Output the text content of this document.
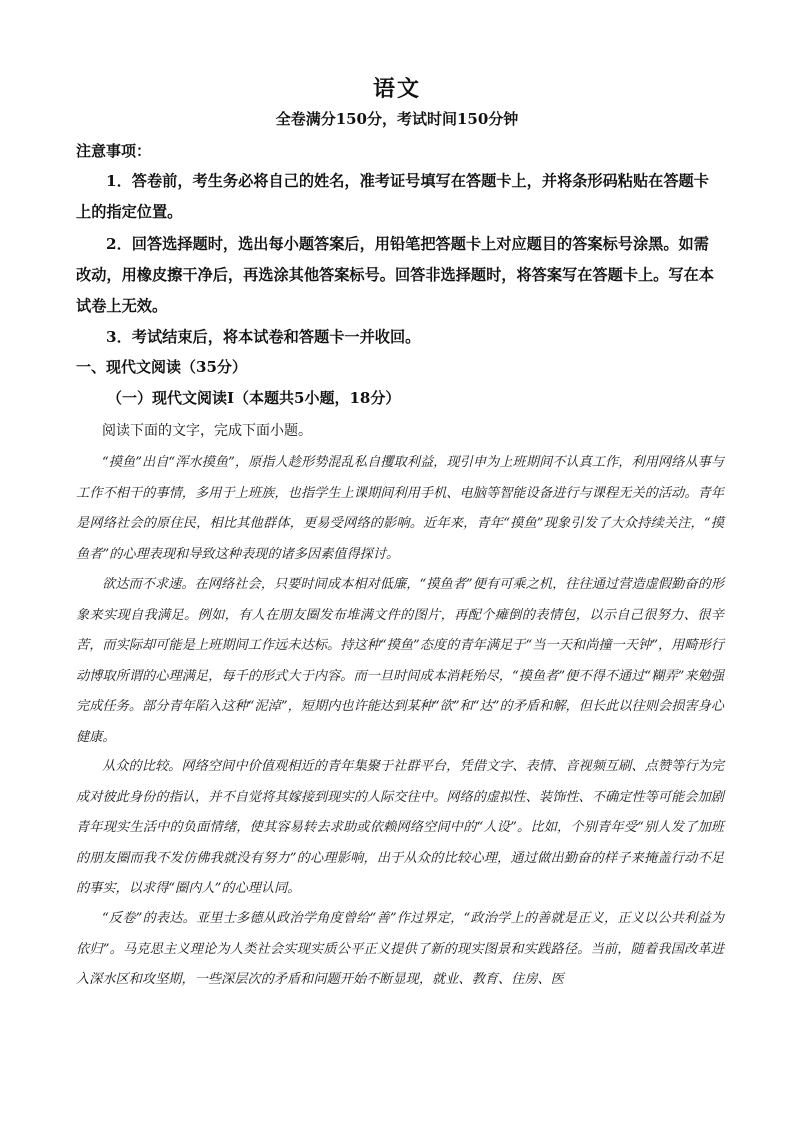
语文
全卷满分150分，考试时间150分钟
注意事项：
1．答卷前，考生务必将自己的姓名，准考证号填写在答题卡上，并将条形码粘贴在答题卡上的指定位置。
2．回答选择题时，选出每小题答案后，用铅笔把答题卡上对应题目的答案标号涂黑。如需改动，用橡皮擦干净后，再选涂其他答案标号。回答非选择题时，将答案写在答题卡上。写在本试卷上无效。
3．考试结束后，将本试卷和答题卡一并收回。
一、现代文阅读（35分）
（一）现代文阅读Ⅰ（本题共5小题，18分）
阅读下面的文字，完成下面小题。
“摸鱼”出自“浑水摸鱼”，原指人趁形势混乱私自攫取利益，现引申为上班期间不认真工作，利用网络从事与工作不相干的事情，多用于上班族，也指学生上课期间利用手机、电脑等智能设备进行与课程无关的活动。青年是网络社会的原住民，相比其他群体，更易受网络的影响。近年来，青年“摸鱼”现象引发了大众持续关注，“摸鱼者”的心理表现和导致这种表现的诸多因素值得探讨。
欲达而不求速。在网络社会，只要时间成本相对低廉，“摸鱼者”便有可乘之机，往往通过营造虚假勤奋的形象来实现自我满足。例如，有人在朋友圈发布堆满文件的图片，再配个瘫倒的表情包，以示自己很努力、很辛苦，而实际却可能是上班期间工作远未达标。持这种“摸鱼”态度的青年满足于“当一天和尚撞一天钟”，用畸形行动博取所谓的心理满足，每千的形式大于内容。而一旦时间成本消耗殆尽，“摸鱼者”便不得不通过“糊弄”来勉强完成任务。部分青年陷入这种“泥淖”，短期内也许能达到某种“欲”和“达”的矛盾和解，但长此以往则会损害身心健康。
从众的比较。网络空间中价值观相近的青年集聚于社群平台，凭借文字、表情、音视频互刷、点赞等行为完成对彼此身份的指认，并不自觉将其嫁接到现实的人际交往中。网络的虚拟性、装饰性、不确定性等可能会加剧青年现实生活中的负面情绪，使其容易转去求助或依赖网络空间中的“人设”。比如，个别青年受“别人发了加班的朋友圈而我不发仿佛我就没有努力”的心理影响，出于从众的比较心理，通过做出勤奋的样子来掩盖行动不足的事实，以求得“圈内人”的心理认同。
“反卷”的表达。亚里士多德从政治学角度曾给“善”作过界定，“政治学上的善就是正义，正义以公共利益为依归”。马克思主义理论为人类社会实现实质公平正义提供了新的现实图景和实践路径。当前，随着我国改革进入深水区和攻坚期，一些深层次的矛盾和问题开始不断显现，就业、教育、住房、医
